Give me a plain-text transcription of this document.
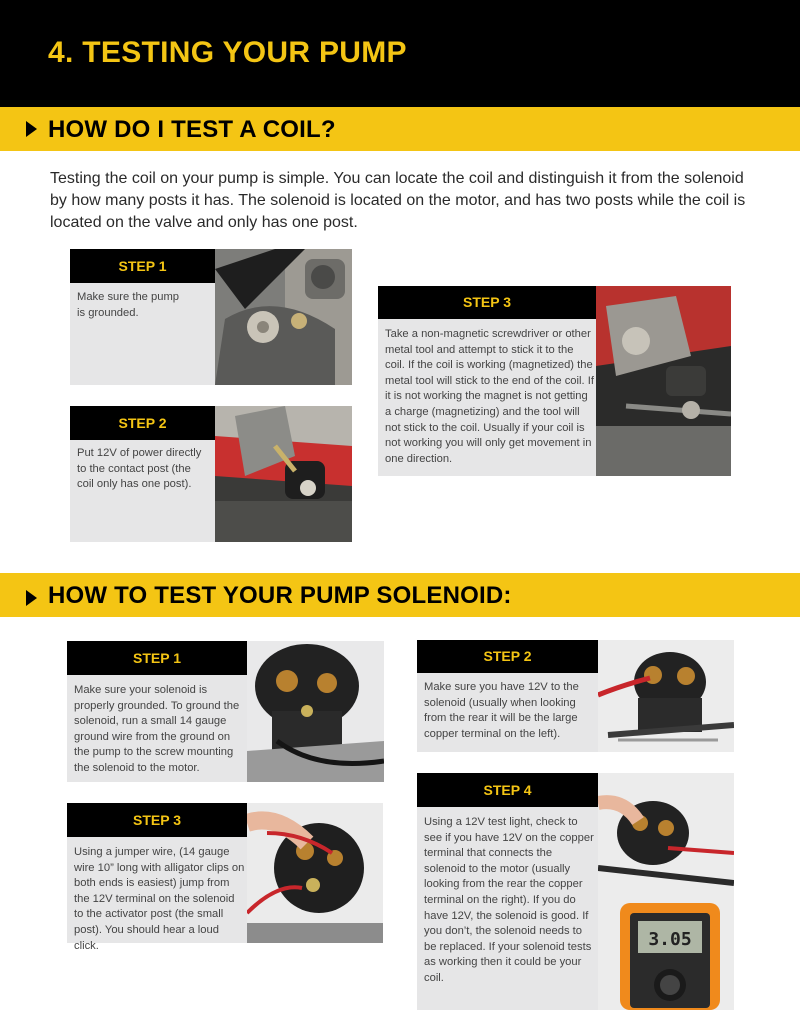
4. TESTING YOUR PUMP
HOW DO I TEST A COIL?

Testing the coil on your pump is simple. You can locate the coil and distinguish it from the solenoid by how many posts it has. The solenoid is located on the motor, and has two posts while the coil is located on the valve and only has one post.

STEP 1
Make sure the pump is grounded.
STEP 2
Put 12V of power directly to the contact post (the coil only has one post).
STEP 3
Take a non-magnetic screwdriver or other metal tool and attempt to stick it to the coil. If the coil is working (magnetized) the metal tool will stick to the end of the coil. If it is not working the magnet is not getting a charge (magnetizing) and the tool will not stick to the coil. Usually if your coil is not working you will only get movement in one direction.
HOW TO TEST YOUR PUMP SOLENOID:
STEP 1
Make sure your solenoid is properly grounded. To ground the solenoid, run a small 14 gauge ground wire from the ground on the pump to the screw mounting the solenoid to the motor.
STEP 2
Make sure you have 12V to the solenoid (usually when looking from the rear it will be the large copper terminal on the left).
STEP 3
Using a jumper wire, (14 gauge wire 10” long with alligator clips on both ends is easiest) jump from the 12V terminal on the solenoid to the activator post (the small post). You should hear a loud click.
STEP 4
Using a 12V test light, check to see if you have 12V on the copper terminal that connects the solenoid to the motor (usually looking from the rear the copper terminal on the right). If you do have 12V, the solenoid is good. If you don’t, the solenoid needs to be replaced. If your solenoid tests as working then it could be your coil.
3.05
